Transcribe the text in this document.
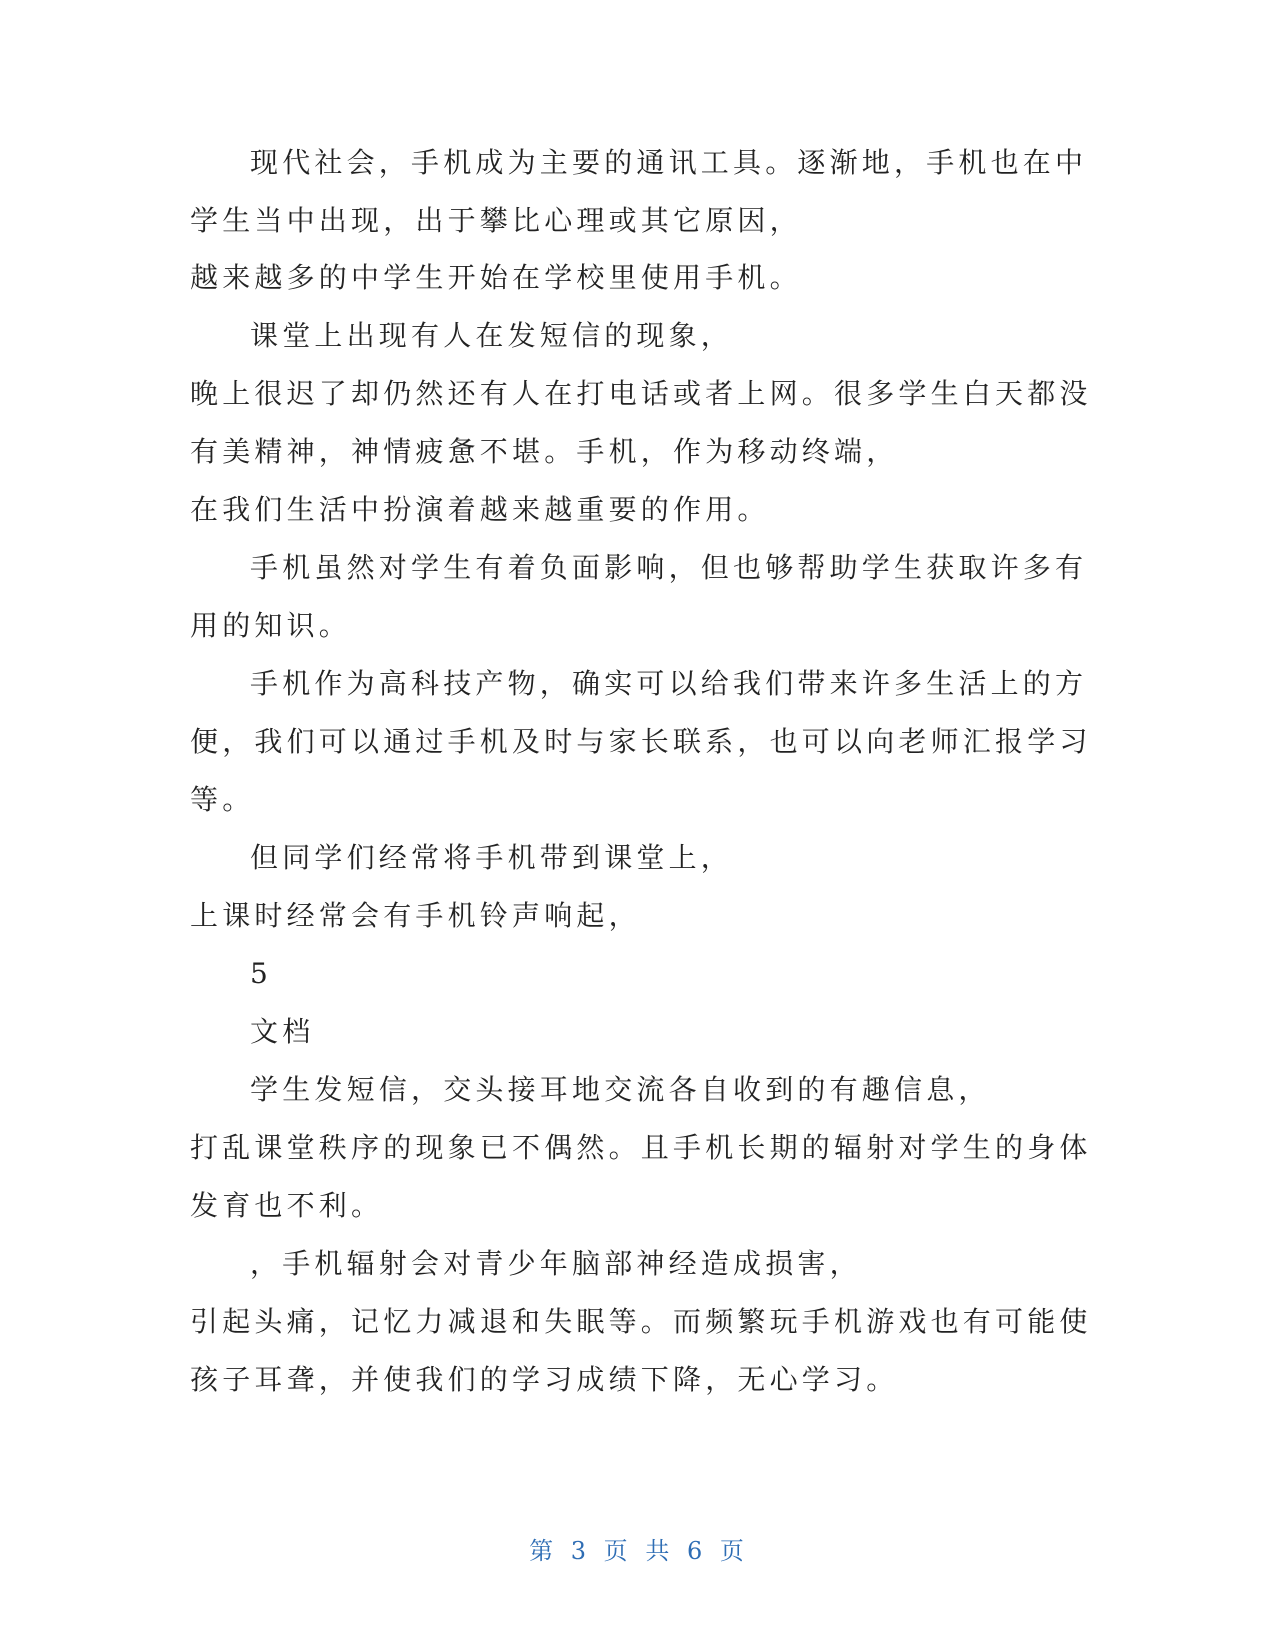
现代社会，手机成为主要的通讯工具。逐渐地，手机也在中
学生当中出现，出于攀比心理或其它原因，
越来越多的中学生开始在学校里使用手机。
课堂上出现有人在发短信的现象，
晚上很迟了却仍然还有人在打电话或者上网。很多学生白天都没
有美精神，神情疲惫不堪。手机，作为移动终端，
在我们生活中扮演着越来越重要的作用。
手机虽然对学生有着负面影响，但也够帮助学生获取许多有
用的知识。
手机作为高科技产物，确实可以给我们带来许多生活上的方
便，我们可以通过手机及时与家长联系，也可以向老师汇报学习
等。
但同学们经常将手机带到课堂上，
上课时经常会有手机铃声响起，
5
文档
学生发短信，交头接耳地交流各自收到的有趣信息，
打乱课堂秩序的现象已不偶然。且手机长期的辐射对学生的身体
发育也不利。
，手机辐射会对青少年脑部神经造成损害，
引起头痛，记忆力减退和失眠等。而频繁玩手机游戏也有可能使
孩子耳聋，并使我们的学习成绩下降，无心学习。
第 3 页 共 6 页
